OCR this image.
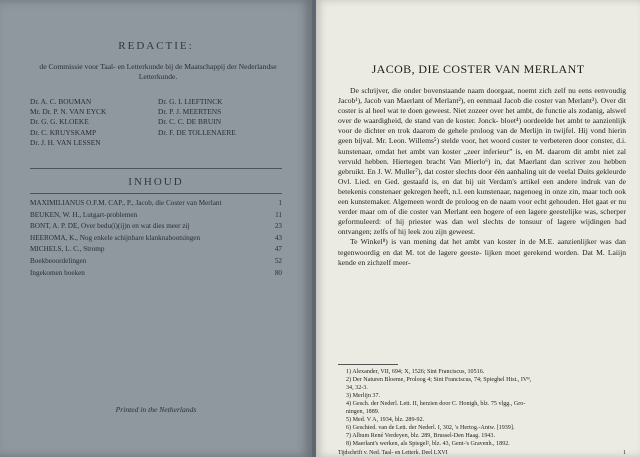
REDACTIE:
de Commissie voor Taal- en Letterkunde bij de Maatschappij der Nederlandse Letterkunde.
Dr. A. C. BOUMAN
Mr. Dr. P. N. VAN EYCK
Dr. G. G. KLOEKE
Dr. C. KRUYSKAMP
Dr. J. H. VAN LESSEN
Dr. G. I. LIEFTINCK
Dr. P. J. MEERTENS
Dr. C. C. DE BRUIN
Dr. F. DE TOLLENAERE
INHOUD
MAXIMILIANUS O.F.M. CAP., P., Jacob, die Coster van Merlant	1
BEUKEN, W. H., Lutgart-problemen	11
BONT, A. P. DE, Over bedu(ï)(ij)n en wat dies meer zij	23
HEEROMA, K., Nog enkele schijnbare klanknabootsingen	43
MICHELS, L. C., Stromp	47
Boekbeoordelingen	52
Ingekomen boeken	80
Printed in the Netherlands
JACOB, DIE COSTER VAN MERLANT

De schrijver, die onder bovenstaande naam doorgaat, noemt zich zelf nu eens eenvoudig Jacob¹), Jacob van Maerlant of Merlant²), en eenmaal Jacob die coster van Merlant³). Over dit coster is al heel wat te doen geweest. Niet zozeer over het ambt, de functie als zodanig, alswel over de waardigheid, de stand van de koster. Jonck- bloet⁴) oordeelde het ambt te aanzienlijk voor de dichter en trok daarom de gehele proloog van de Merlijn in twijfel. Hij vond hierin geen bijval. Mr. Leon. Willems⁵) stelde voor, het woord coster te verbeteren door conster, d.i. kunstenaar, omdat het ambt van koster „zeer inferieur” is, en M. daarom dit ambt niet zal vervuld hebben. Hiertegen bracht Van Mierlo⁶) in, dat Maerlant dan scriver zou hebben gebruikt. En J. W. Muller⁷), dat coster slechts door één aanhaling uit de veelal Duits gekleurde Ovl. Lied. en Ged. gestaafd is, en dat hij uit Verdam's artikel een andere indruk van de betekenis constenaer gekregen heeft, n.l. een kunstenaar, nagenoeg in onze zin, maar toch ook een kunstemaker. Algemeen wordt de proloog en de naam voor echt gehouden. Het gaat er nu verder maar om of die coster van Merlant een hogere of een lagere geestelijke was, scherper geformuleerd: of hij priester was dan wel slechts de tonsuur of lagere wijdingen had ontvangen; zelfs of hij leek zou zijn geweest.

Te Winkel⁸) is van mening dat het ambt van koster in de M.E. aanzienlijker was dan tegenwoordig en dat M. tot de lagere geeste- lijken moet gerekend worden. Dat M. Laiijn kende en zichzelf meer-

1) Alexander, VII, 694; X, 1526; Sint Franciscus, 10516.
2) Der Naturen Bloeme, Proloog 4; Sint Franciscus, 74; Spieghel Hist., IVᴮ,
34, 32-3.
3) Merlijn 37.
4) Gesch. der Nederl. Lett. II, herzien door C. Honigh, blz. 75 vlgg., Gro-
ningen, 1889.
5) Med. V A, 1934, blz. 289-92.
6) Geschied. van de Lett. der Nederl. I, 302, 's Hertog.-Antw. [1939].
7) Album René Verdeyen, blz. 289, Brussel-Den Haag. 1943.
8) Maerlant's werken, als Spiegel², blz. 43, Gent-'s Gravenh., 1892.
Tijdschrift v. Ned. Taal- en Letterk. Deel LXVI	1
